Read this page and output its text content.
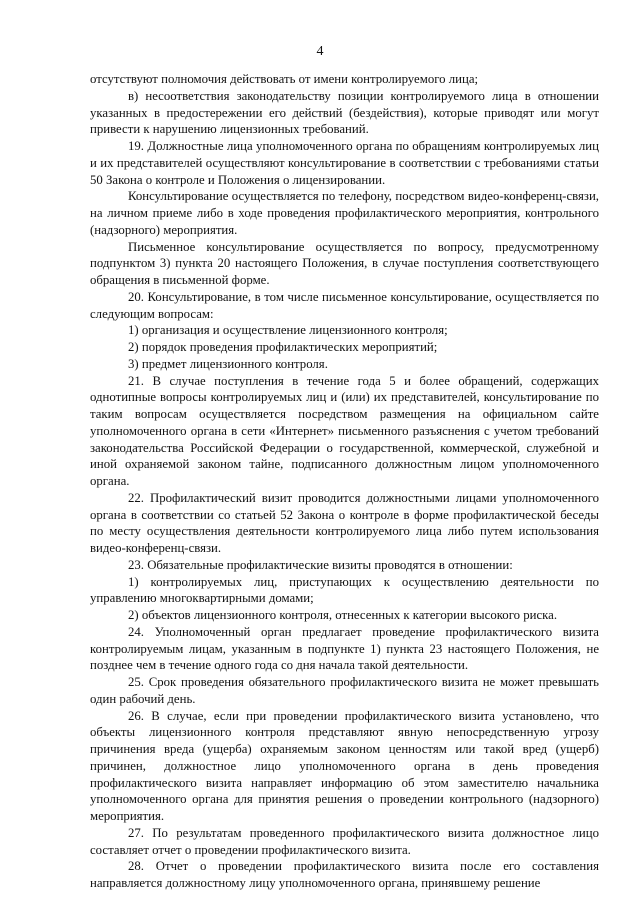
4

отсутствуют полномочия действовать от имени контролируемого лица;

в) несоответствия законодательству позиции контролируемого лица в отношении указанных в предостережении его действий (бездействия), которые приводят или могут привести к нарушению лицензионных требований.

19. Должностные лица уполномоченного органа по обращениям контролируемых лиц и их представителей осуществляют консультирование в соответствии с требованиями статьи 50 Закона о контроле и Положения о лицензировании.

Консультирование осуществляется по телефону, посредством видео-конференц-связи, на личном приеме либо в ходе проведения профилактического мероприятия, контрольного (надзорного) мероприятия.

Письменное консультирование осуществляется по вопросу, предусмотренному подпунктом 3) пункта 20 настоящего Положения, в случае поступления соответствующего обращения в письменной форме.

20. Консультирование, в том числе письменное консультирование, осуществляется по следующим вопросам:

1) организация и осуществление лицензионного контроля;

2) порядок проведения профилактических мероприятий;

3) предмет лицензионного контроля.

21. В случае поступления в течение года 5 и более обращений, содержащих однотипные вопросы контролируемых лиц и (или) их представителей, консультирование по таким вопросам осуществляется посредством размещения на официальном сайте уполномоченного органа в сети «Интернет» письменного разъяснения с учетом требований законодательства Российской Федерации о государственной, коммерческой, служебной и иной охраняемой законом тайне, подписанного должностным лицом уполномоченного органа.

22. Профилактический визит проводится должностными лицами уполномоченного органа в соответствии со статьей 52 Закона о контроле в форме профилактической беседы по месту осуществления деятельности контролируемого лица либо путем использования видео-конференц-связи.

23. Обязательные профилактические визиты проводятся в отношении:

1) контролируемых лиц, приступающих к осуществлению деятельности по управлению многоквартирными домами;

2) объектов лицензионного контроля, отнесенных к категории высокого риска.

24. Уполномоченный орган предлагает проведение профилактического визита контролируемым лицам, указанным в подпункте 1) пункта 23 настоящего Положения, не позднее чем в течение одного года со дня начала такой деятельности.

25. Срок проведения обязательного профилактического визита не может превышать один рабочий день.

26. В случае, если при проведении профилактического визита установлено, что объекты лицензионного контроля представляют явную непосредственную угрозу причинения вреда (ущерба) охраняемым законом ценностям или такой вред (ущерб) причинен, должностное лицо уполномоченного органа в день проведения профилактического визита направляет информацию об этом заместителю начальника уполномоченного органа для принятия решения о проведении контрольного (надзорного) мероприятия.

27. По результатам проведенного профилактического визита должностное лицо составляет отчет о проведении профилактического визита.

28. Отчет о проведении профилактического визита после его составления направляется должностному лицу уполномоченного органа, принявшему решение
